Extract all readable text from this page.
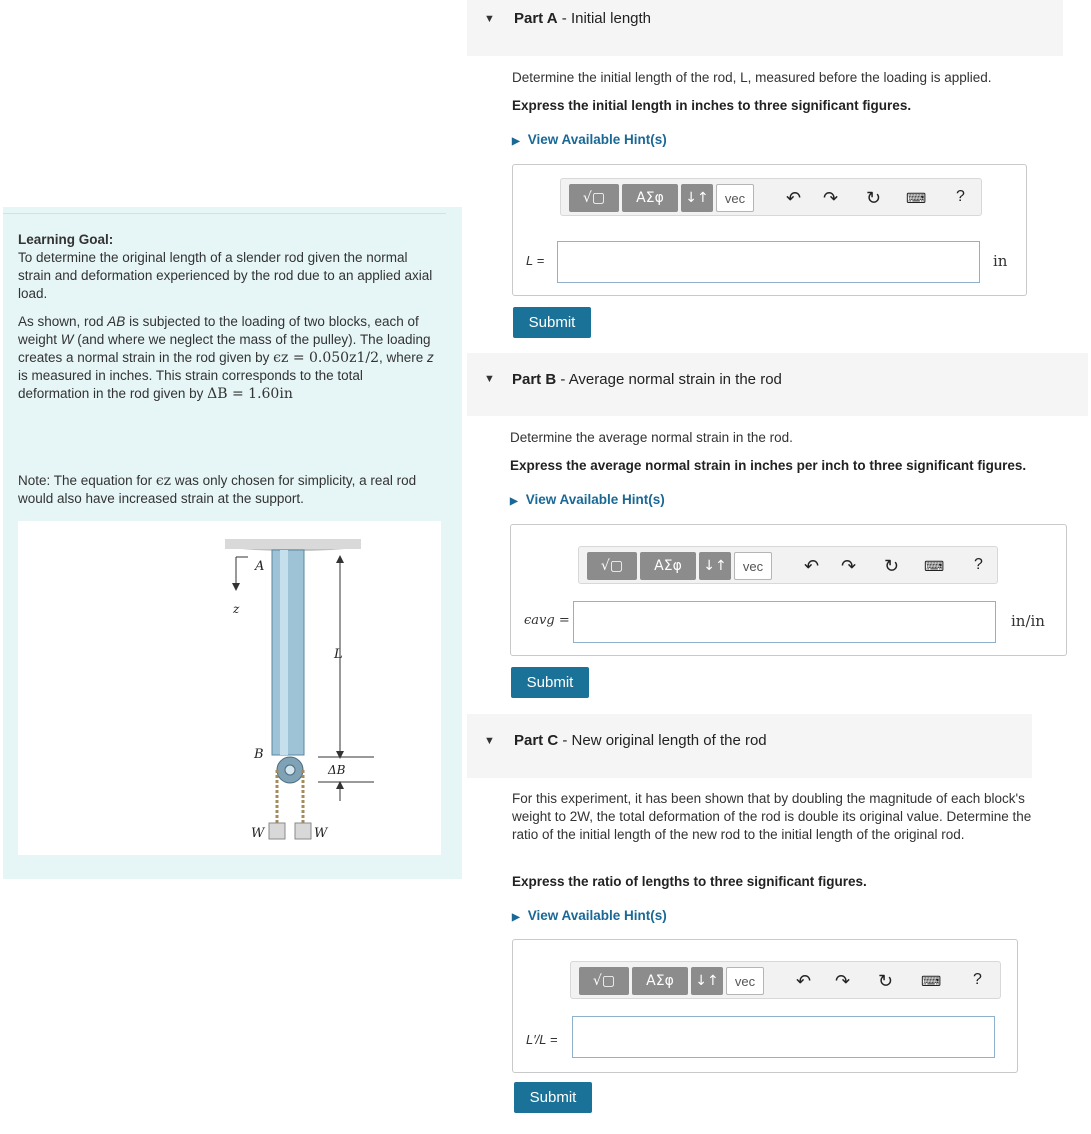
Learning Goal:
To determine the original length of a slender rod given the normal strain and deformation experienced by the rod due to an applied axial load.
As shown, rod AB is subjected to the loading of two blocks, each of weight W (and where we neglect the mass of the pulley). The loading creates a normal strain in the rod given by ϵz = 0.050z1/2, where z is measured in inches. This strain corresponds to the total deformation in the rod given by ΔB = 1.60in
Note: The equation for ϵz was only chosen for simplicity, a real rod would also have increased strain at the support.
A
z
L
B
ΔB
W	W
▼ Part A - Initial length
Determine the initial length of the rod, L, measured before the loading is applied.
Express the initial length in inches to three significant figures.
▶ View Available Hint(s)
√▢	ΑΣφ	↓↑	vec	↶ ↷ ↻ ⌨ ?
L =	in
Submit
▼ Part B - Average normal strain in the rod
Determine the average normal strain in the rod.
Express the average normal strain in inches per inch to three significant figures.
▶ View Available Hint(s)
√▢	ΑΣφ	↓↑	vec	↶ ↷ ↻ ⌨ ?
ϵavg =	in/in
Submit
▼ Part C - New original length of the rod
For this experiment, it has been shown that by doubling the magnitude of each block's weight to 2W, the total deformation of the rod is double its original value. Determine the ratio of the initial length of the new rod to the initial length of the original rod.
Express the ratio of lengths to three significant figures.
▶ View Available Hint(s)
√▢	ΑΣφ	↓↑	vec	↶ ↷ ↻ ⌨ ?
L′/L =
Submit
